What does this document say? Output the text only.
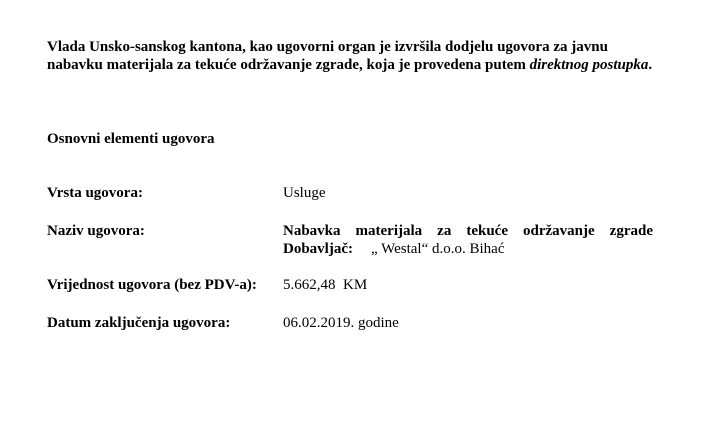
Vlada Unsko-sanskog kantona, kao ugovorni organ je izvršila dodjelu ugovora za javnu nabavku materijala za tekuće održavanje zgrade, koja je provedena putem direktnog postupka.

Osnovni elementi ugovora

Vrsta ugovora:	Usluge
Naziv ugovora:	Nabavka materijala za tekuće održavanje zgrade
Dobavljač: „ Westal“ d.o.o. Bihać
Vrijednost ugovora (bez PDV-a): 5.662,48  KM
Datum zaključenja ugovora:	06.02.2019. godine
